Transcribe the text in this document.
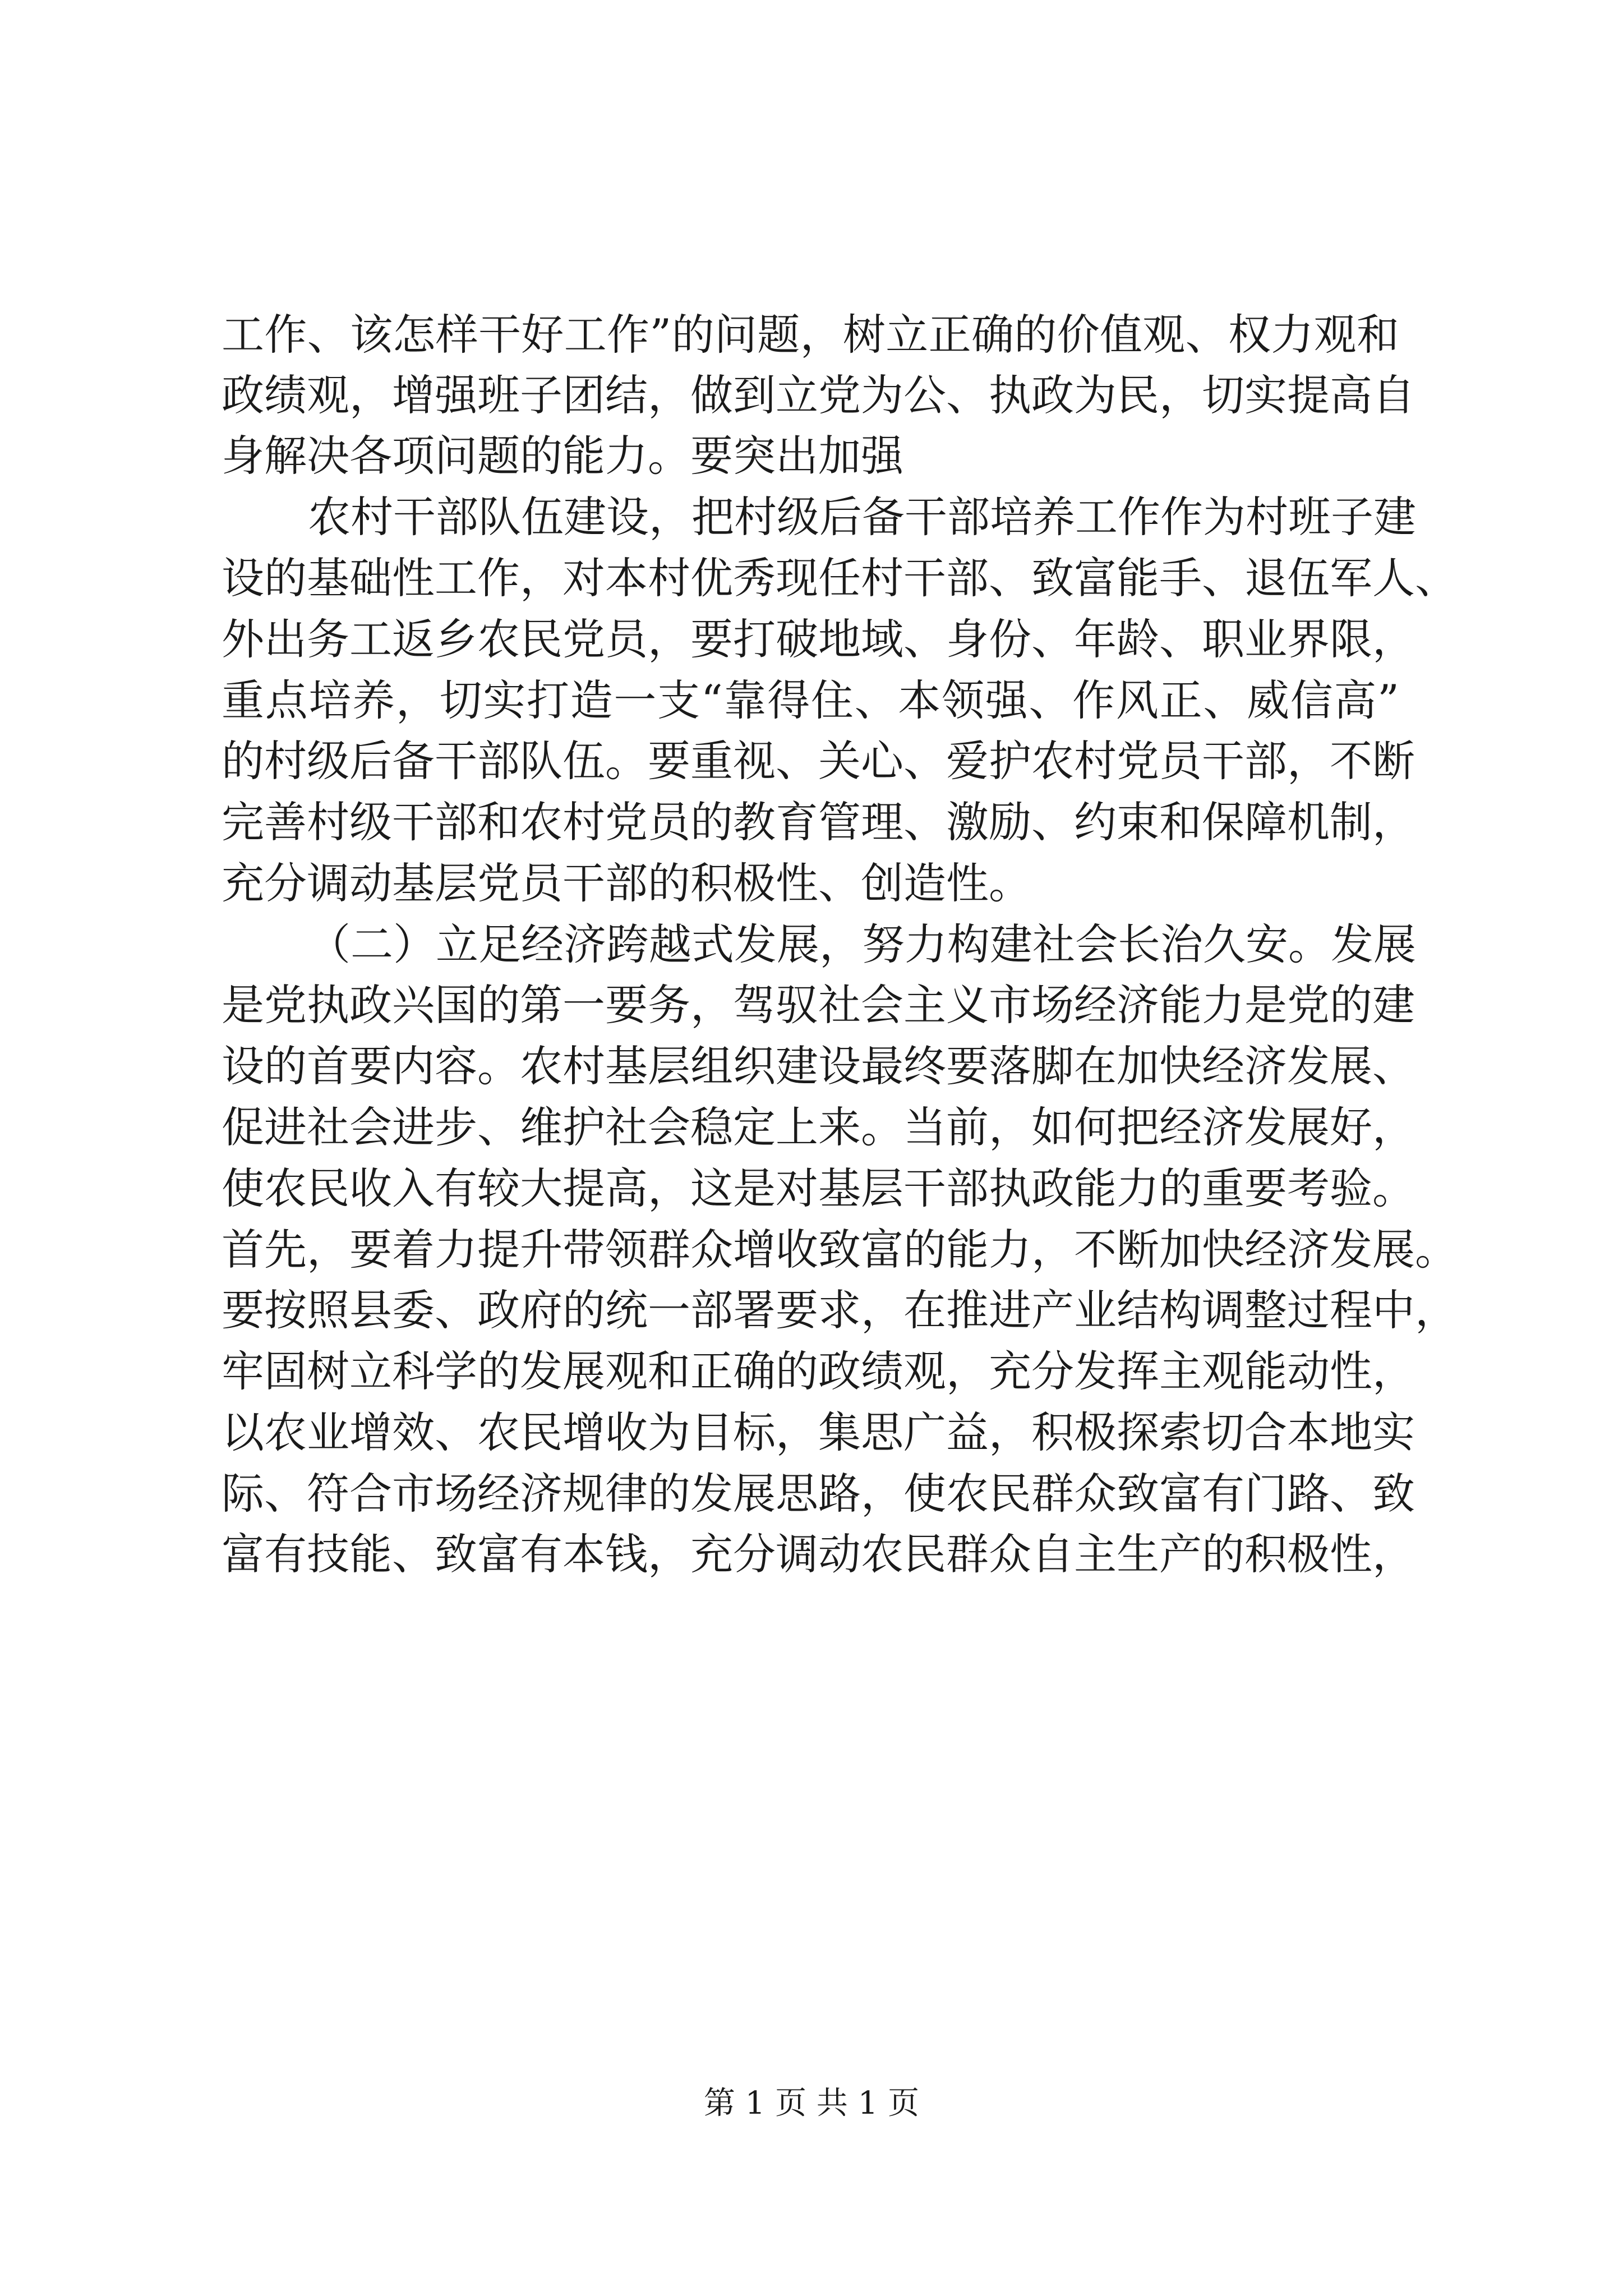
工作、该怎样干好工作”的问题，树立正确的价值观、权力观和
政绩观，增强班子团结，做到立党为公、执政为民，切实提高自
身解决各项问题的能力。要突出加强
农村干部队伍建设，把村级后备干部培养工作作为村班子建
设的基础性工作，对本村优秀现任村干部、致富能手、退伍军人、
外出务工返乡农民党员，要打破地域、身份、年龄、职业界限，
重点培养，切实打造一支“靠得住、本领强、作风正、威信高”
的村级后备干部队伍。要重视、关心、爱护农村党员干部，不断
完善村级干部和农村党员的教育管理、激励、约束和保障机制，
充分调动基层党员干部的积极性、创造性。
（二）立足经济跨越式发展，努力构建社会长治久安。发展
是党执政兴国的第一要务，驾驭社会主义市场经济能力是党的建
设的首要内容。农村基层组织建设最终要落脚在加快经济发展、
促进社会进步、维护社会稳定上来。当前，如何把经济发展好，
使农民收入有较大提高，这是对基层干部执政能力的重要考验。
首先，要着力提升带领群众增收致富的能力，不断加快经济发展。
要按照县委、政府的统一部署要求，在推进产业结构调整过程中，
牢固树立科学的发展观和正确的政绩观，充分发挥主观能动性，
以农业增效、农民增收为目标，集思广益，积极探索切合本地实
际、符合市场经济规律的发展思路，使农民群众致富有门路、致
富有技能、致富有本钱，充分调动农民群众自主生产的积极性，
第 1 页 共 1 页
